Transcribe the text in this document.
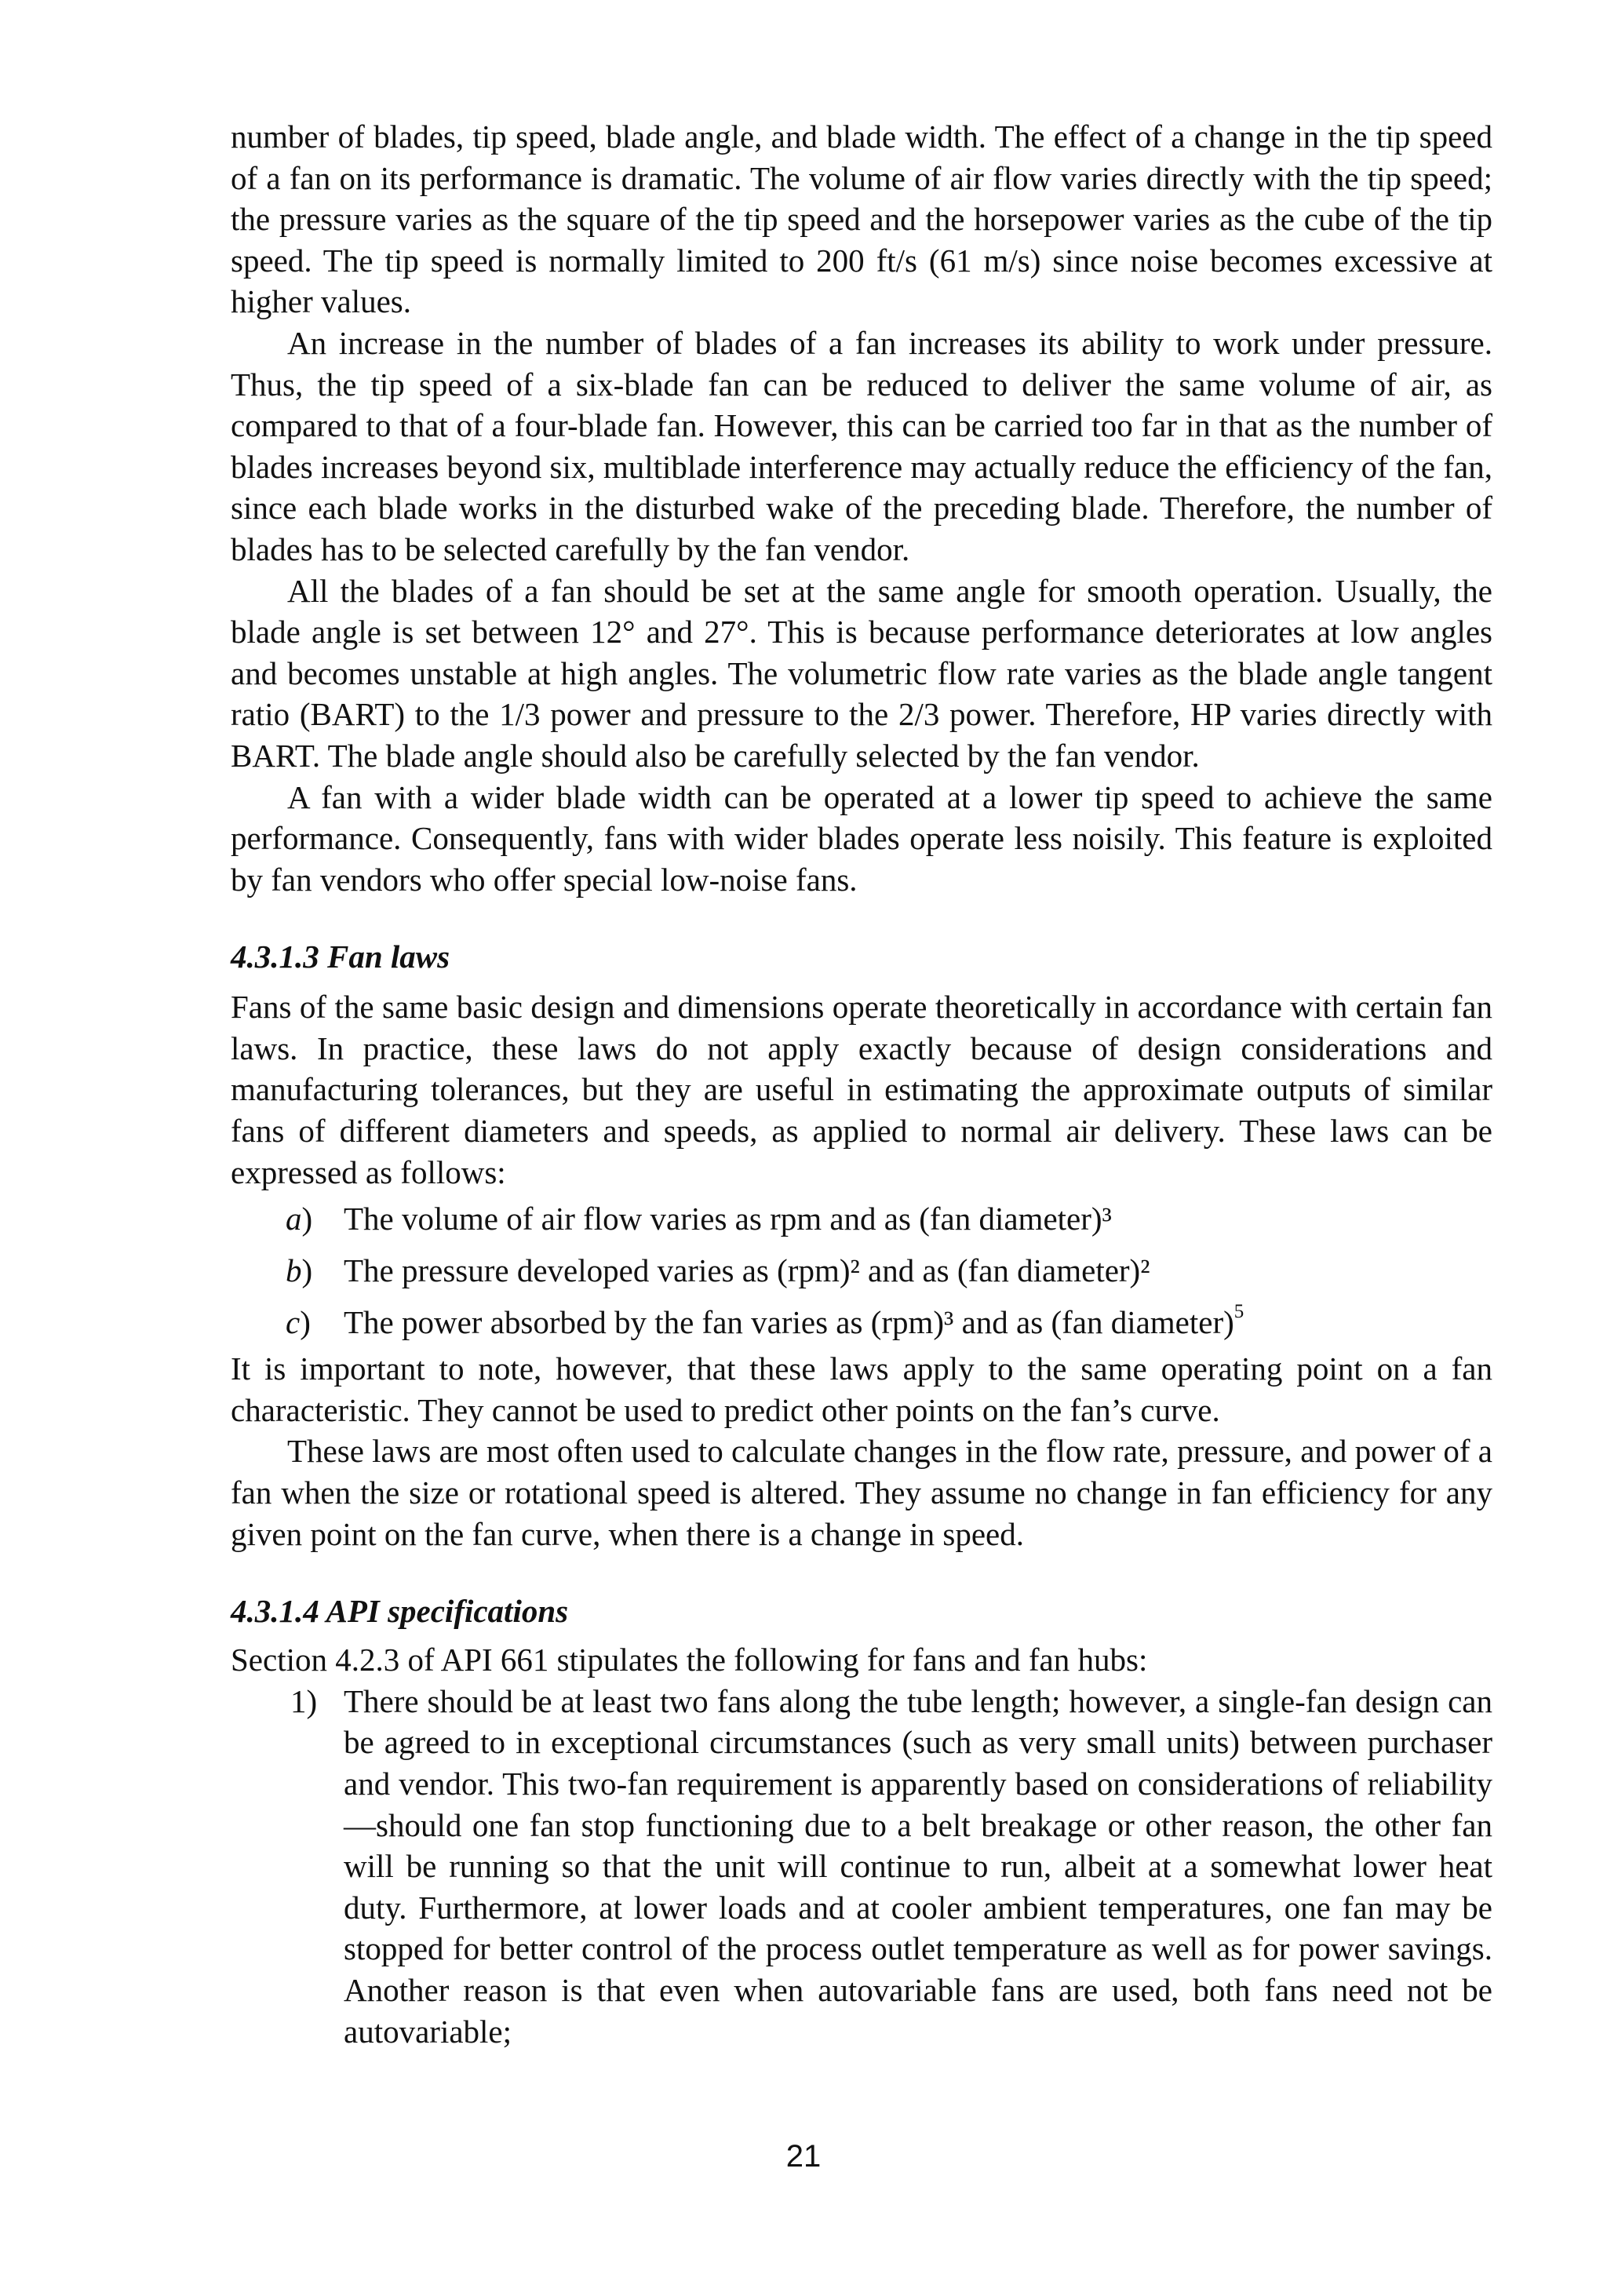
number of blades, tip speed, blade angle, and blade width. The effect of a change in the tip speed of a fan on its performance is dramatic. The volume of air flow varies directly with the tip speed; the pressure varies as the square of the tip speed and the horsepower varies as the cube of the tip speed. The tip speed is normally limited to 200 ft/s (61 m/s) since noise becomes excessive at higher values.

An increase in the number of blades of a fan increases its ability to work under pressure. Thus, the tip speed of a six-blade fan can be reduced to deliver the same volume of air, as compared to that of a four-blade fan. However, this can be carried too far in that as the number of blades increases beyond six, multiblade interference may actually reduce the efficiency of the fan, since each blade works in the disturbed wake of the preceding blade. Therefore, the number of blades has to be selected carefully by the fan vendor.

All the blades of a fan should be set at the same angle for smooth operation. Usually, the blade angle is set between 12° and 27°. This is because performance deteriorates at low angles and becomes unstable at high angles. The volumetric flow rate varies as the blade angle tangent ratio (BART) to the 1/3 power and pressure to the 2/3 power. Therefore, HP varies directly with BART. The blade angle should also be carefully selected by the fan vendor.

A fan with a wider blade width can be operated at a lower tip speed to achieve the same performance. Consequently, fans with wider blades operate less noisily. This feature is exploited by fan vendors who offer special low-noise fans.

4.3.1.3 Fan laws

Fans of the same basic design and dimensions operate theoretically in accordance with certain fan laws. In practice, these laws do not apply exactly because of design considerations and manufacturing tolerances, but they are useful in estimating the approximate outputs of similar fans of different diameters and speeds, as applied to normal air delivery. These laws can be expressed as follows:

a) The volume of air flow varies as rpm and as (fan diameter)³
b) The pressure developed varies as (rpm)² and as (fan diameter)²
c) The power absorbed by the fan varies as (rpm)³ and as (fan diameter)$^5$

It is important to note, however, that these laws apply to the same operating point on a fan characteristic. They cannot be used to predict other points on the fan’s curve.

These laws are most often used to calculate changes in the flow rate, pressure, and power of a fan when the size or rotational speed is altered. They assume no change in fan efficiency for any given point on the fan curve, when there is a change in speed.

4.3.1.4 API specifications

Section 4.2.3 of API 661 stipulates the following for fans and fan hubs:

1) There should be at least two fans along the tube length; however, a single-fan design can be agreed to in exceptional circumstances (such as very small units) between purchaser and vendor. This two-fan requirement is apparently based on considerations of reliability—should one fan stop functioning due to a belt breakage or other reason, the other fan will be running so that the unit will continue to run, albeit at a somewhat lower heat duty. Furthermore, at lower loads and at cooler ambient temperatures, one fan may be stopped for better control of the process outlet temperature as well as for power savings. Another reason is that even when autovariable fans are used, both fans need not be autovariable;
21
